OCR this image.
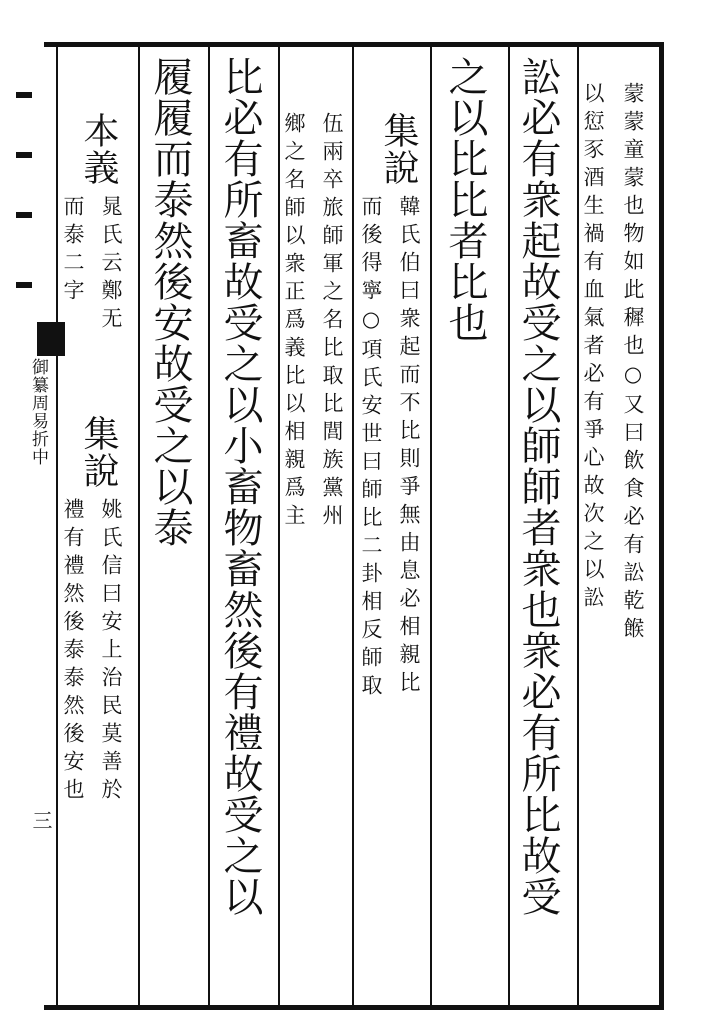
御纂周易折中
三
蒙蒙童蒙也物如此穉也○又曰飲食必有訟乾餱
以愆豕酒生禍有血氣者必有爭心故次之以訟
訟必有衆起故受之以師師者衆也衆必有所比故受
之以比比者比也
集說
韓氏伯曰衆起而不比則爭無由息必相親比
而後得寧○項氏安世曰師比二卦相反師取
伍兩卒旅師軍之名比取比閭族黨州
鄉之名師以衆正爲義比以相親爲主
比必有所畜故受之以小畜物畜然後有禮故受之以
履履而泰然後安故受之以泰
本義
晁氏云鄭无
集說
姚氏信曰安上治民莫善於
而泰二字
禮有禮然後泰泰然後安也
